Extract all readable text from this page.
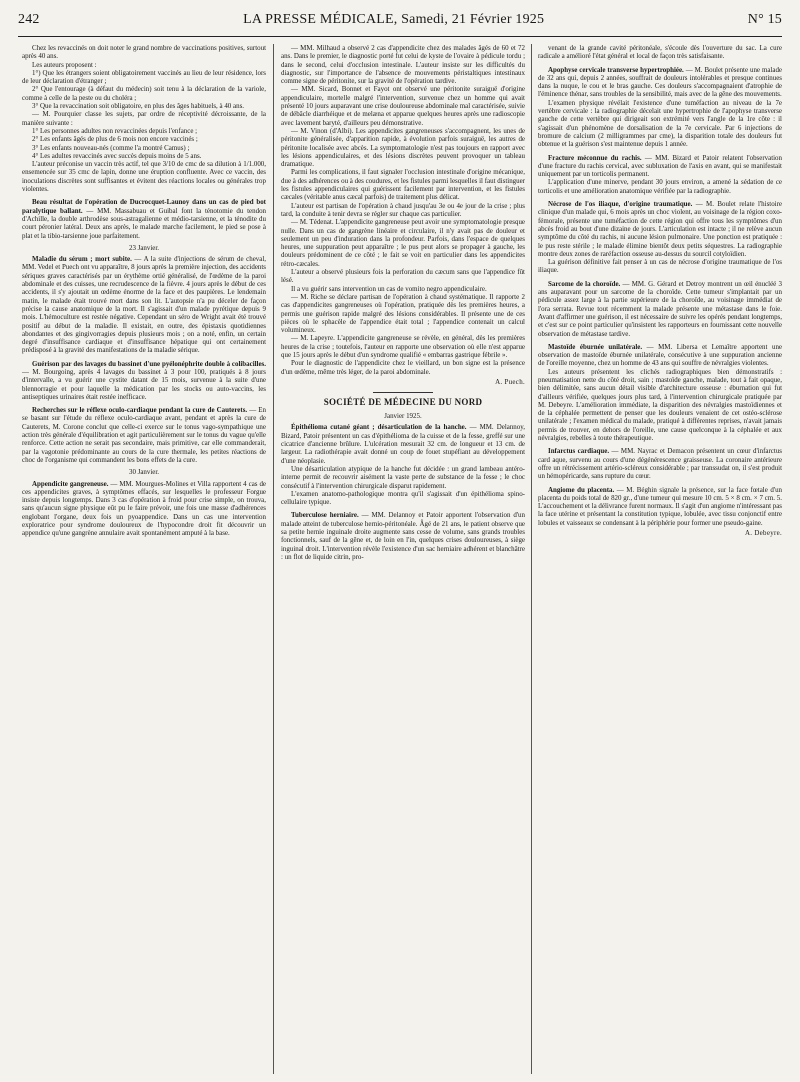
242	LA PRESSE MÉDICALE, Samedi, 21 Février 1925	N° 15

Chez les revaccinés on doit noter le grand nombre de vaccinations positives, surtout après 40 ans.

Les auteurs proposent :

1°) Que les étrangers soient obligatoirement vaccinés au lieu de leur résidence, lors de leur déclaration d'étranger ;

2° Que l'entourage (à défaut du médecin) soit tenu à la déclaration de la variole, comme à celle de la peste ou du choléra ;

3° Que la revaccination soit obligatoire, en plus des âges habituels, à 40 ans.

— M. Pourquier classe les sujets, par ordre de réceptivité décroissante, de la manière suivante :

1° Les personnes adultes non revaccinées depuis l'enfance ;

2° Les enfants âgés de plus de 6 mois non encore vaccinés ;

3° Les enfants nouveau-nés (comme l'a montré Camus) ;

4° Les adultes revaccinés avec succès depuis moins de 5 ans.

L'auteur préconise un vaccin très actif, tel que 3/10 de cmc de sa dilution à 1/1.000, ensemencée sur 35 cmc de lapin, donne une éruption confluente. Avec ce vaccin, des inoculations discrètes sont suffisantes et évitent des réactions locales ou générales trop violentes.

Beau résultat de l'opération de Ducrocquet-Launoy dans un cas de pied bot paralytique ballant. — MM. Massabuau et Guibal font la ténotomie du tendon d'Achille, la double arthrodèse sous-astragalienne et médio-tarsienne, et la ténodite du court péronier latéral. Deux ans après, le malade marche facilement, le pied se pose à plat et la tibio-tarsienne joue parfaitement.

23 Janvier.

Maladie du sérum ; mort subite. — A la suite d'injections de sérum de cheval, MM. Vedel et Puech ont vu apparaître, 8 jours après la première injection, des accidents sériques graves caractérisés par un érythème ortié généralisé, de l'œdème de la paroi abdominale et des cuisses, une recrudescence de la fièvre. 4 jours après le début de ces accidents, il s'y ajoutait un œdème énorme de la face et des paupières. Le lendemain matin, le malade était trouvé mort dans son lit. L'autopsie n'a pu déceler de façon précise la cause anatomique de la mort. Il s'agissait d'un malade pyrétique depuis 9 mois. L'hémoculture est restée négative. Cependant un séro de Wright avait été trouvé positif au début de la maladie. Il existait, en outre, des épistaxis quotidiennes abondantes et des gingivorragies depuis plusieurs mois ; on a noté, enfin, un certain degré d'insuffisance cardiaque et d'insuffisance hépatique qui ont certainement prédisposé à la gravité des manifestations de la maladie sérique.

Guérison par des lavages du bassinet d'une pyélonéphrite double à colibacilles. — M. Bourgoing, après 4 lavages du bassinet à 3 pour 100, pratiqués à 8 jours d'intervalle, a vu guérir une cystite datant de 15 mois, survenue à la suite d'une blennorragie et pour laquelle la médication par les stocks ou auto-vaccins, les antiseptiques urinaires était restée inefficace.

Recherches sur le réflexe oculo-cardiaque pendant la cure de Cauterets. — En se basant sur l'étude du réflexe oculo-cardiaque avant, pendant et après la cure de Cauterets, M. Corone conclut que celle-ci exerce sur le tonus vago-sympathique une action très générale d'équilibration et agit particulièrement sur le tonus du vague qu'elle renforce. Cette action ne serait pas secondaire, mais primitive, car elle commanderait, par la vagotonie prédominante au cours de la cure thermale, les petites réactions de choc de l'organisme qui commandent les bons effets de la cure.

30 Janvier.

Appendicite gangreneuse. — MM. Mourgues-Molines et Villa rapportent 4 cas de ces appendicites graves, à symptômes effacés, sur lesquelles le professeur Forgue insiste depuis longtemps. Dans 3 cas d'opération à froid pour crise simple, on trouva, sans qu'aucun signe physique eût pu le faire prévoir, une fois une masse d'adhérences englobant l'organe, deux fois un pyoappendice. Dans un cas une intervention exploratrice pour syndrome douloureux de l'hypocondre droit fit découvrir un appendice qu'une gangrène annulaire avait spontanément amputé à la base.

— MM. Milhaud a observé 2 cas d'appendicite chez des malades âgés de 60 et 72 ans. Dans le premier, le diagnostic porté fut celui de kyste de l'ovaire à pédicule tordu ; dans le second, celui d'occlusion intestinale. L'auteur insiste sur les difficultés du diagnostic, sur l'importance de l'absence de mouvements péristaltiques intestinaux comme signe de péritonite, sur la gravité de l'opération tardive.

— MM. Sicard, Bonnet et Fayot ont observé une péritonite suraiguë d'origine appendiculaire, mortelle malgré l'intervention, survenue chez un homme qui avait présenté 10 jours auparavant une crise douloureuse abdominale mal caractérisée, suivie de débâcle diarrhéique et de melæna et apparue quelques heures après une radioscopie avec lavement baryté, d'ailleurs peu démonstrative.

— M. Vinon (d'Albi). Les appendicites gangreneuses s'accompagnent, les unes de péritonite généralisée, d'apparition rapide, à évolution parfois suraiguë, les autres de péritonite localisée avec abcès. La symptomatologie n'est pas toujours en rapport avec les lésions appendiculaires, et des lésions discrètes peuvent provoquer un tableau dramatique.

Parmi les complications, il faut signaler l'occlusion intestinale d'origine mécanique, due à des adhérences ou à des coudures, et les fistules parmi lesquelles il faut distinguer les fistules appendiculaires qui guérissent facilement par intervention, et les fistules cæcales (véritable anus cæcal parfois) de traitement plus délicat.

L'auteur est partisan de l'opération à chaud jusqu'au 3e ou 4e jour de la crise ; plus tard, la conduite à tenir devra se régler sur chaque cas particulier.

— M. Tédenat. L'appendicite gangreneuse peut avoir une symptomatologie presque nulle. Dans un cas de gangrène linéaire et circulaire, il n'y avait pas de douleur et seulement un peu d'induration dans la profondeur. Parfois, dans l'espace de quelques heures, une suppuration peut apparaître ; le pus peut alors se propager à gauche, les douleurs prédominent de ce côté ; le fait se voit en particulier dans les appendicites rétro-cæcales.

L'auteur a observé plusieurs fois la perforation du cæcum sans que l'appendice fût lésé.

Il a vu guérir sans intervention un cas de vomito negro appendiculaire.

— M. Riche se déclare partisan de l'opération à chaud systématique. Il rapporte 2 cas d'appendicites gangreneuses où l'opération, pratiquée dès les premières heures, a permis une guérison rapide malgré des lésions considérables. Il présente une de ces pièces où le sphacèle de l'appendice était total ; l'appendice contenait un calcul volumineux.

— M. Lapeyre. L'appendicite gangreneuse se révèle, en général, dès les premières heures de la crise ; toutefois, l'auteur en rapporte une observation où elle n'est apparue que 15 jours après le début d'un syndrome qualifié « embarras gastrique fébrile ».

Pour le diagnostic de l'appendicite chez le vieillard, un bon signe est la présence d'un œdème, même très léger, de la paroi abdominale.

A. Puech.

SOCIÉTÉ DE MÉDECINE DU NORD

Janvier 1925.

Épithélioma cutané géant ; désarticulation de la hanche. — MM. Delannoy, Bizard, Patoir présentent un cas d'épithélioma de la cuisse et de la fesse, greffé sur une cicatrice d'ancienne brûlure. L'ulcération mesurait 32 cm. de longueur et 13 cm. de largeur. La radiothérapie avait donné un coup de fouet stupéfiant au développement d'une néoplasie.

Une désarticulation atypique de la hanche fut décidée : un grand lambeau antéro-interne permit de recouvrir aisément la vaste perte de substance de la fesse ; le choc consécutif à l'intervention chirurgicale disparut rapidement.

L'examen anatomo-pathologique montra qu'il s'agissait d'un épithélioma spino-cellulaire typique.

Tuberculose herniaire. — MM. Delannoy et Patoir apportent l'observation d'un malade atteint de tuberculose hernio-péritonéale. Âgé de 21 ans, le patient observe que sa petite hernie inguinale droite augmente sans cesse de volume, sans grands troubles fonctionnels, sauf de la gêne et, de loin en l'in, quelques crises douloureuses, à siège inguinal droit. L'intervention révèle l'existence d'un sac herniaire adhérent et blanchâtre : un flot de liquide citrin, pro-

venant de la grande cavité péritonéale, s'écoule dès l'ouverture du sac. La cure radicale a amélioré l'état général et local de façon très satisfaisante.

Apophyse cervicale transverse hypertrophiée. — M. Boulet présente une malade de 32 ans qui, depuis 2 années, souffrait de douleurs intolérables et presque continues dans la nuque, le cou et le bras gauche. Ces douleurs s'accompagnaient d'atrophie de l'éminence thénar, sans troubles de la sensibilité, mais avec de la gêne des mouvements.

L'examen physique révélait l'existence d'une tuméfaction au niveau de la 7e vertèbre cervicale : la radiographie décelait une hypertrophie de l'apophyse transverse gauche de cette vertèbre qui dirigeait son extrémité vers l'angle de la 1re côte : il s'agissait d'un phénomène de dorsalisation de la 7e cervicale. Par 6 injections de bromure de calcium (2 milligrammes par cme), la disparition totale des douleurs fut obtenue et la guérison s'est maintenue depuis 1 année.

Fracture méconnue du rachis. — MM. Bizard et Patoir relatent l'observation d'une fracture du rachis cervical, avec subluxation de l'axis en avant, qui se manifestait uniquement par un torticolis permanent.

L'application d'une minerve, pendant 30 jours environ, a amené la sédation de ce torticolis et une amélioration anatomique vérifiée par la radiographie.

Nécrose de l'os iliaque, d'origine traumatique. — M. Boulet relate l'histoire clinique d'un malade qui, 6 mois après un choc violent, au voisinage de la région coxo-fémorale, présente une tuméfaction de cette région qui offre tous les symptômes d'un abcès froid au bout d'une dizaine de jours. L'articulation est intacte ; il ne relève aucun symptôme du côté du rachis, ni aucune lésion pulmonaire. Une ponction est pratiquée : le pus reste stérile ; le malade élimine bientôt deux petits séquestres. La radiographie montre deux zones de raréfaction osseuse au-dessus du sourcil cotyloïdien.

La guérison définitive fait penser à un cas de nécrose d'origine traumatique de l'os iliaque.

Sarcome de la choroïde. — MM. G. Gérard et Detroy montrent un œil énucléé 3 ans auparavant pour un sarcome de la choroïde. Cette tumeur s'implantait par un pédicule assez large à la partie supérieure de la choroïde, au voisinage immédiat de l'ora serrata. Revue tout récemment la malade présente une métastase dans le foie. Avant d'affirmer une guérison, il est nécessaire de suivre les opérés pendant longtemps, et c'est sur ce point particulier qu'insistent les rapporteurs en fournissant cette nouvelle observation de métastase tardive.

Mastoïde éburnée unilatérale. — MM. Libersa et Lemaître apportent une observation de mastoïde éburnée unilatérale, consécutive à une suppuration ancienne de l'oreille moyenne, chez un homme de 43 ans qui souffre de névralgies violentes.

Les auteurs présentent les clichés radiographiques bien démonstratifs : pneumatisation nette du côté droit, sain ; mastoïde gauche, malade, tout à fait opaque, bien délimitée, sans aucun détail visible d'architecture osseuse : éburnation qui fut d'ailleurs vérifiée, quelques jours plus tard, à l'intervention chirurgicale pratiquée par M. Debeyre. L'amélioration immédiate, la disparition des névralgies mastoïdiennes et de la céphalée permettent de penser que les douleurs venaient de cet ostéo-sclérose unilatérale ; l'examen médical du malade, pratiqué à différentes reprises, n'avait jamais permis de trouver, en dehors de l'oreille, une cause quelconque à la céphalée et aux névralgies, rebelles à toute thérapeutique.

Infarctus cardiaque. — MM. Nayrac et Demacon présentent un cœur d'infarctus card aque, survenu au cours d'une dégénérescence graisseuse. La coronaire antérieure offre un rétrécissement artério-scléreux considérable ; par transsudat on, il s'est produit un hémopéricarde, sans rupture du cœur.

Angiome du placenta. — M. Béghin signale la présence, sur la face fœtale d'un placenta du poids total de 820 gr., d'une tumeur qui mesure 10 cm. 5 × 8 cm. × 7 cm. 5. L'accouchement et la délivrance furent normaux. Il s'agit d'un angiome n'intéressant pas la face utérine et présentant la constitution typique, lobulée, avec tissu conjonctif entre lobules et vaisseaux se condensant à la périphérie pour former une pseudo-gaine.

A. Debeyre.
